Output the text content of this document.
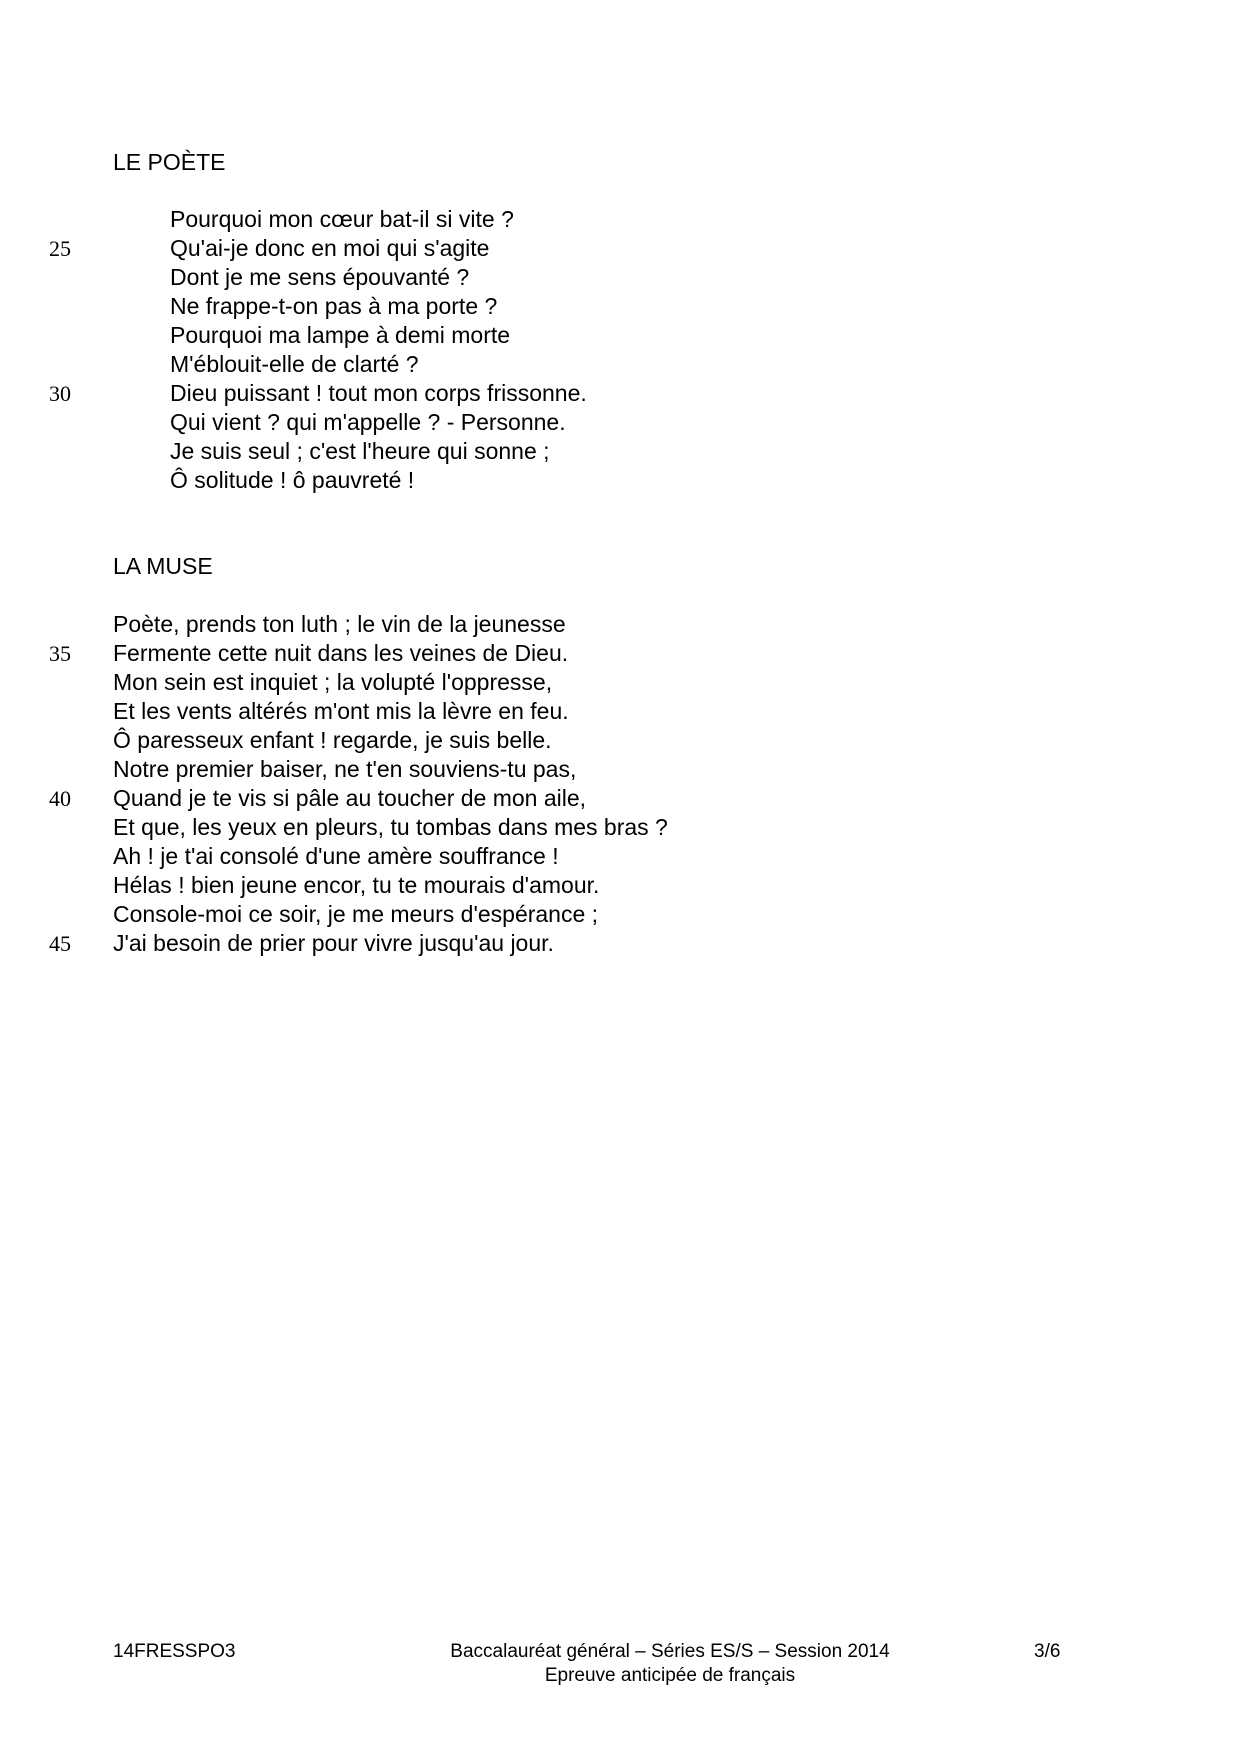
LE POÈTE
Pourquoi mon cœur bat-il si vite ?
25	Qu'ai-je donc en moi qui s'agite
Dont je me sens épouvanté ?
Ne frappe-t-on pas à ma porte ?
Pourquoi ma lampe à demi morte
M'éblouit-elle de clarté ?
30	Dieu puissant ! tout mon corps frissonne.
Qui vient ? qui m'appelle ? - Personne.
Je suis seul ; c'est l'heure qui sonne ;
Ô solitude ! ô pauvreté !
LA MUSE
Poète, prends ton luth ; le vin de la jeunesse
35 Fermente cette nuit dans les veines de Dieu.
Mon sein est inquiet ; la volupté l'oppresse,
Et les vents altérés m'ont mis la lèvre en feu.
Ô paresseux enfant ! regarde, je suis belle.
Notre premier baiser, ne t'en souviens-tu pas,
40 Quand je te vis si pâle au toucher de mon aile,
Et que, les yeux en pleurs, tu tombas dans mes bras ?
Ah ! je t'ai consolé d'une amère souffrance !
Hélas ! bien jeune encor, tu te mourais d'amour.
Console-moi ce soir, je me meurs d'espérance ;
45 J'ai besoin de prier pour vivre jusqu'au jour.
14FRESSPO3	Baccalauréat général – Séries ES/S – Session 2014
Epreuve anticipée de français
3/6
